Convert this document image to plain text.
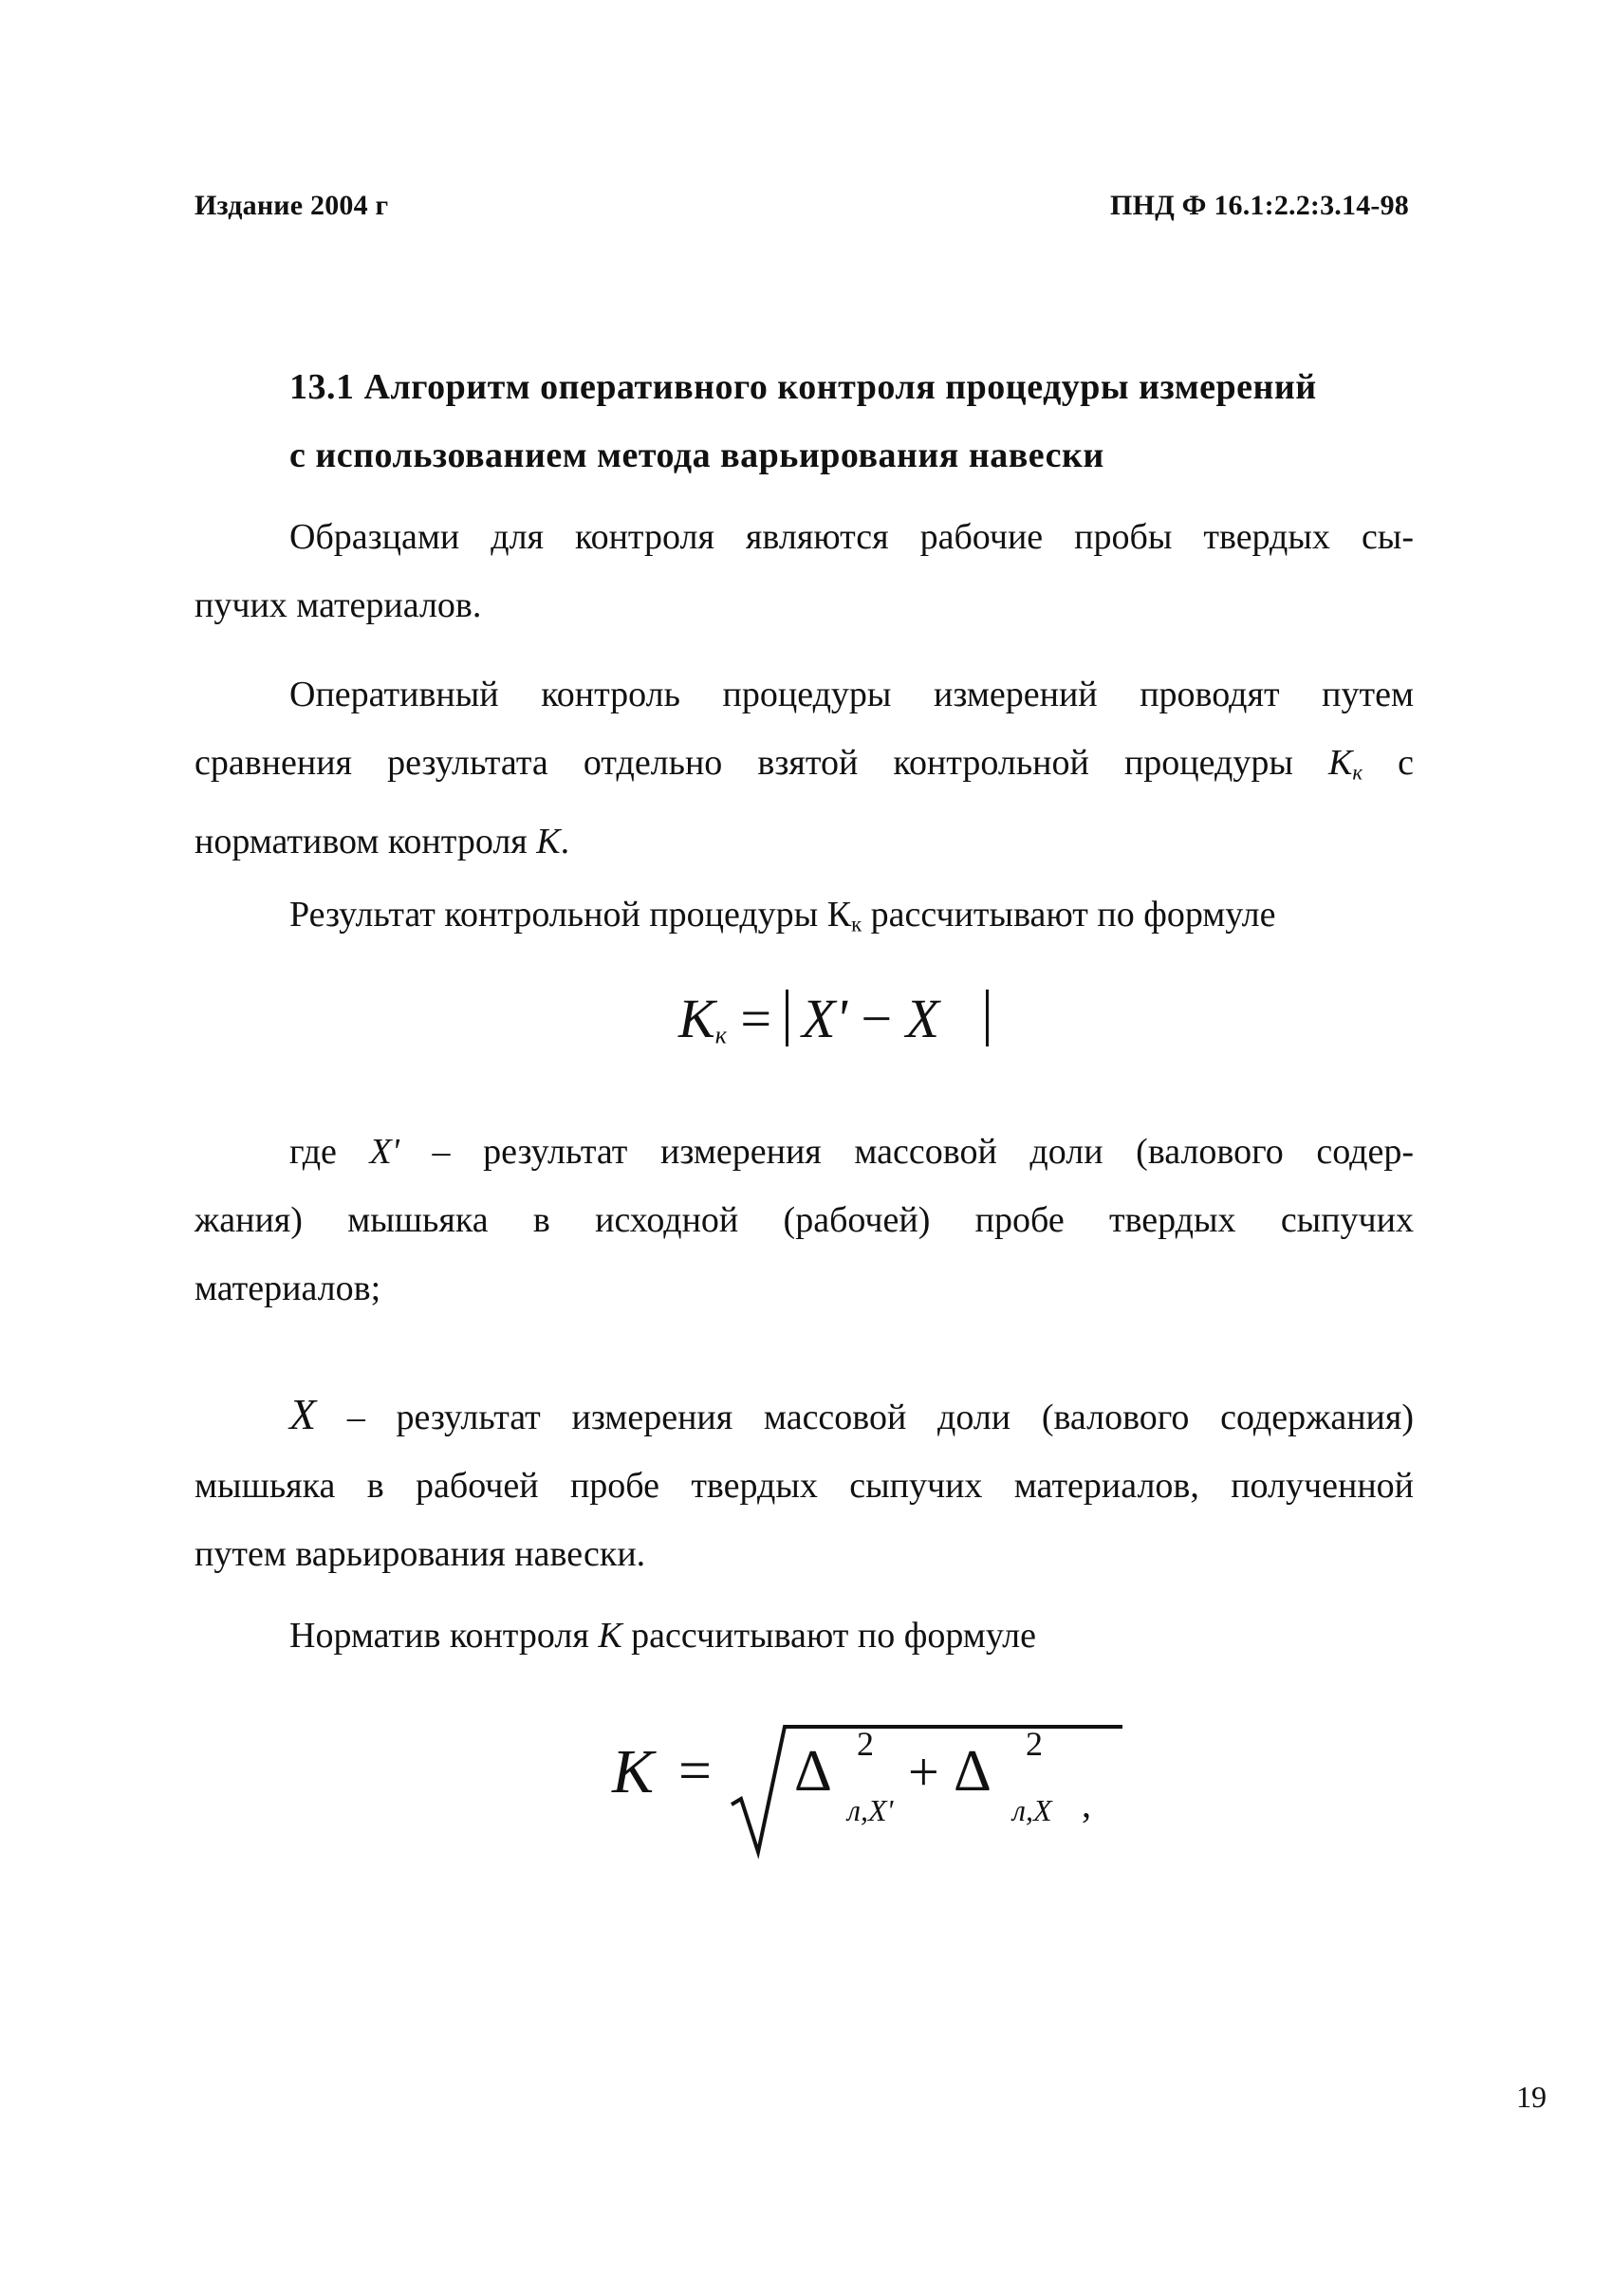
Издание 2004 г	ПНД Ф 16.1:2.2:3.14-98
13.1 Алгоритм оперативного контроля процедуры измерений
с использованием метода варьирования навески
Образцами для контроля являются рабочие пробы твердых сы-
пучих материалов.
Оперативный контроль процедуры измерений проводят путем
сравнения результата отдельно взятой контрольной процедуры $K_к$ с
нормативом контроля K.
Результат контрольной процедуры $К_к$ рассчитывают по формуле
$K_к = X' - X$
где X' – результат измерения массовой доли (валового содер-
жания) мышьяка в исходной (рабочей) пробе твердых сыпучих
материалов;
X – результат измерения массовой доли (валового содержания)
мышьяка в рабочей пробе твердых сыпучих материалов, полученной
путем варьирования навески.
Норматив контроля K рассчитывают по формуле
K = Δ 2
л,X'
+ Δ 2
л,X ,
19
